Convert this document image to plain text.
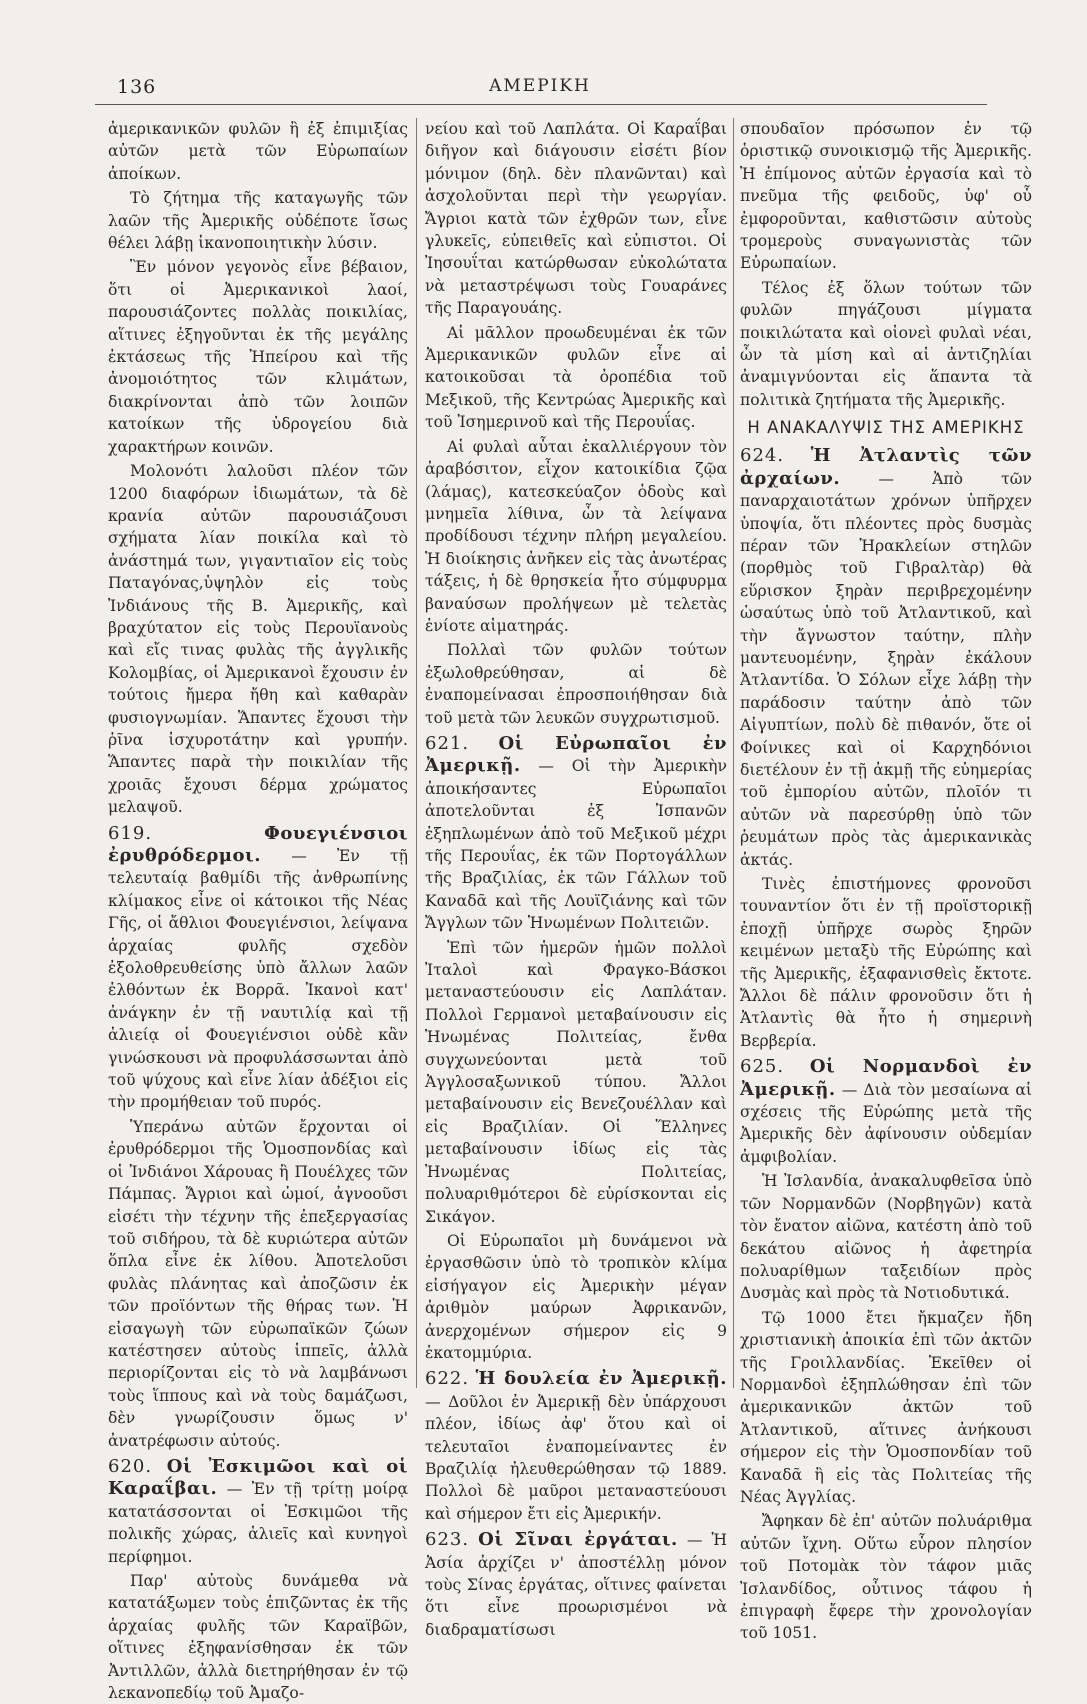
136	ΑΜΕΡΙΚΗ

ἀμερικανικῶν φυλῶν ἢ ἐξ ἐπιμιξίας αὐτῶν μετὰ τῶν Εὐρωπαίων ἀποίκων.

Τὸ ζήτημα τῆς καταγωγῆς τῶν λαῶν τῆς Ἀμερικῆς οὐδέποτε ἴσως θέλει λάβῃ ἱκανοποιητικὴν λύσιν.

Ἓν μόνον γεγονὸς εἶνε βέβαιον, ὅτι οἱ Ἀμερικανικοὶ λαοί, παρουσιάζοντες πολλὰς ποικιλίας, αἵτινες ἐξηγοῦνται ἐκ τῆς μεγάλης ἐκτάσεως τῆς Ἠπείρου καὶ τῆς ἀνομοιότητος τῶν κλιμάτων, διακρίνονται ἀπὸ τῶν λοιπῶν κατοίκων τῆς ὑδρογείου διὰ χαρακτήρων κοινῶν.

Μολονότι λαλοῦσι πλέον τῶν 1200 διαφόρων ἰδιωμάτων, τὰ δὲ κρανία αὐτῶν παρουσιάζουσι σχήματα λίαν ποικίλα καὶ τὸ ἀνάστημά των, γιγαντιαῖον εἰς τοὺς Παταγόνας,ὑψηλὸν εἰς τοὺς Ἰνδιάνους τῆς Β. Ἀμερικῆς, καὶ βραχύτατον εἰς τοὺς Περουϊανοὺς καὶ εἴς τινας φυλὰς τῆς ἀγγλικῆς Κολομβίας, οἱ Ἀμερικανοὶ ἔχουσιν ἐν τούτοις ἤμερα ἤθη καὶ καθαρὰν φυσιογνωμίαν. Ἅπαντες ἔχουσι τὴν ῥῖνα ἰσχυροτάτην καὶ γρυπήν. Ἅπαντες παρὰ τὴν ποικιλίαν τῆς χροιᾶς ἔχουσι δέρμα χρώματος μελαψοῦ.

619.	Φουεγιένσιοι ἐρυθρόδερμοι. — Ἐν τῇ τελευταίᾳ βαθμίδι τῆς ἀνθρωπίνης κλίμακος εἶνε οἱ κάτοικοι τῆς Νέας Γῆς, οἱ ἄθλιοι Φουεγιένσιοι, λείψανα ἀρχαίας φυλῆς σχεδὸν ἐξολοθρευθείσης ὑπὸ ἄλλων λαῶν ἐλθόντων ἐκ Βορρᾶ. Ἱκανοὶ κατ' ἀνάγκην ἐν τῇ ναυτιλίᾳ καὶ τῇ ἁλιείᾳ οἱ Φουεγιένσιοι οὐδὲ κἂν γινώσκουσι νὰ προφυλάσσωνται ἀπὸ τοῦ ψύχους καὶ εἶνε λίαν ἀδέξιοι εἰς τὴν προμήθειαν τοῦ πυρός.

Ὑπεράνω αὐτῶν ἔρχονται οἱ ἐρυθρόδερμοι τῆς Ὁμοσπονδίας καὶ οἱ Ἰνδιάνοι Χάρουας ἢ Πουέλχες τῶν Πάμπας. Ἄγριοι καὶ ὠμοί, ἀγνοοῦσι εἰσέτι τὴν τέχνην τῆς ἐπεξεργασίας τοῦ σιδήρου, τὰ δὲ κυριώτερα αὐτῶν ὅπλα εἶνε ἐκ λίθου. Ἀποτελοῦσι φυλὰς πλάνητας καὶ ἀποζῶσιν ἐκ τῶν προϊόντων τῆς θήρας των. Ἡ εἰσαγωγὴ τῶν εὐρωπαϊκῶν ζώων κατέστησεν αὐτοὺς ἱππεῖς, ἀλλὰ περιορίζονται εἰς τὸ νὰ λαμβάνωσι τοὺς ἵππους καὶ νὰ τοὺς δαμάζωσι, δὲν γνωρίζουσιν ὅμως ν' ἀνατρέφωσιν αὐτούς.

620. Οἱ Ἐσκιμῶοι καὶ οἱ Καραΐβαι. — Ἐν τῇ τρίτῃ μοίρᾳ κατατάσσονται οἱ Ἐσκιμῶοι τῆς πολικῆς χώρας, ἁλιεῖς καὶ κυνηγοὶ περίφημοι.

Παρ' αὐτοὺς δυνάμεθα νὰ κατατάξωμεν τοὺς ἐπιζῶντας ἐκ τῆς ἀρχαίας φυλῆς τῶν Καραϊβῶν, οἵτινες ἐξηφανίσθησαν ἐκ τῶν Ἀντιλλῶν, ἀλλὰ διετηρήθησαν ἐν τῷ λεκανοπεδίῳ τοῦ Ἀμαζο-

νείου καὶ τοῦ Λαπλάτα. Οἱ Καραΐβαι διῆγον καὶ διάγουσιν εἰσέτι βίον μόνιμον (δηλ. δὲν πλανῶνται) καὶ ἀσχολοῦνται περὶ τὴν γεωργίαν. Ἄγριοι κατὰ τῶν ἐχθρῶν των, εἶνε γλυκεῖς, εὐπειθεῖς καὶ εὐπιστοι. Οἱ Ἰησουΐται κατώρθωσαν εὐκολώτατα νὰ μεταστρέψωσι τοὺς Γουαράνες τῆς Παραγουάης.

Αἱ μᾶλλον προωδευμέναι ἐκ τῶν Ἀμερικανικῶν φυλῶν εἶνε αἱ κατοικοῦσαι τὰ ὀροπέδια τοῦ Μεξικοῦ, τῆς Κεντρώας Ἀμερικῆς καὶ τοῦ Ἰσημερινοῦ καὶ τῆς Περουΐας.

Αἱ φυλαὶ αὗται ἐκαλλιέργουν τὸν ἀραβόσιτον, εἶχον κατοικίδια ζῷα (λάμας), κατεσκεύαζον ὁδοὺς καὶ μνημεῖα λίθινα, ὧν τὰ λείψανα προδίδουσι τέχνην πλήρη μεγαλείου. Ἡ διοίκησις ἀνῆκεν εἰς τὰς ἀνωτέρας τάξεις, ἡ δὲ θρησκεία ἦτο σύμφυρμα βαναύσων προλήψεων μὲ τελετὰς ἐνίοτε αἱματηράς.

Πολλαὶ τῶν φυλῶν τούτων ἐξωλοθρεύθησαν, αἱ δὲ ἐναπομείνασαι ἐπροσποιήθησαν διὰ τοῦ μετὰ τῶν λευκῶν συγχρωτισμοῦ.

621. Οἱ Εὐρωπαῖοι ἐν Ἀμερικῇ. — Οἱ τὴν Ἀμερικὴν ἀποικήσαντες Εὐρωπαῖοι ἀποτελοῦνται ἐξ Ἰσπανῶν ἐξηπλωμένων ἀπὸ τοῦ Μεξικοῦ μέχρι τῆς Περουΐας, ἐκ τῶν Πορτογάλλων τῆς Βραζιλίας, ἐκ τῶν Γάλλων τοῦ Καναδᾶ καὶ τῆς Λουϊζιάνης καὶ τῶν Ἄγγλων τῶν Ἡνωμένων Πολιτειῶν.

Ἐπὶ τῶν ἡμερῶν ἡμῶν πολλοὶ Ἰταλοὶ καὶ Φραγκο-Βάσκοι μεταναστεύουσιν εἰς Λαπλάταν. Πολλοὶ Γερμανοὶ μεταβαίνουσιν εἰς Ἡνωμένας Πολιτείας, ἔνθα συγχωνεύονται μετὰ τοῦ Ἀγγλοσαξωνικοῦ τύπου. Ἄλλοι μεταβαίνουσιν εἰς Βενεζουέλλαν καὶ εἰς Βραζιλίαν. Οἱ Ἕλληνες μεταβαίνουσιν ἰδίως εἰς τὰς Ἡνωμένας Πολιτείας, πολυαριθμότεροι δὲ εὑρίσκονται εἰς Σικάγον.

Οἱ Εὐρωπαῖοι μὴ δυνάμενοι νὰ ἐργασθῶσιν ὑπὸ τὸ τροπικὸν κλίμα εἰσήγαγον εἰς Ἀμερικὴν μέγαν ἀριθμὸν μαύρων Ἀφρικανῶν, ἀνερχομένων σήμερον εἰς 9 ἑκατομμύρια.

622. Ἡ δουλεία ἐν Ἀμερικῇ. — Δοῦλοι ἐν Ἀμερικῇ δὲν ὑπάρχουσι πλέον, ἰδίως ἀφ' ὅτου καὶ οἱ τελευταῖοι ἐναπομείναντες ἐν Βραζιλίᾳ ἠλευθερώθησαν τῷ 1889. Πολλοὶ δὲ μαῦροι μεταναστεύουσι καὶ σήμερον ἔτι εἰς Ἀμερικήν.

623. Οἱ Σῖναι ἐργάται. — Ἡ Ἀσία ἀρχίζει ν' ἀποστέλλῃ μόνον τοὺς Σίνας ἐργάτας, οἵτινες φαίνεται ὅτι εἶνε προωρισμένοι νὰ διαδραματίσωσι

σπουδαῖον πρόσωπον ἐν τῷ ὁριστικῷ συνοικισμῷ τῆς Ἀμερικῆς. Ἡ ἐπίμονος αὐτῶν ἐργασία καὶ τὸ πνεῦμα τῆς φειδοῦς, ὑφ' οὗ ἐμφοροῦνται, καθιστῶσιν αὐτοὺς τρομεροὺς συναγωνιστὰς τῶν Εὐρωπαίων.

Τέλος ἐξ ὅλων τούτων τῶν φυλῶν πηγάζουσι μίγματα ποικιλώτατα καὶ οἱονεὶ φυλαὶ νέαι, ὧν τὰ μίση καὶ αἱ ἀντιζηλίαι ἀναμιγνύονται εἰς ἅπαντα τὰ πολιτικὰ ζητήματα τῆς Ἀμερικῆς.

Η ΑΝΑΚΑΛΥΨΙΣ ΤΗΣ ΑΜΕΡΙΚΗΣ

624. Ἡ Ἀτλαντὶς τῶν ἀρχαίων. — Ἀπὸ τῶν παναρχαιοτάτων χρόνων ὑπῆρχεν ὑποψία, ὅτι πλέοντες πρὸς δυσμὰς πέραν τῶν Ἡρακλείων στηλῶν (πορθμὸς τοῦ Γιβραλτὰρ) θὰ εὕρισκον ξηρὰν περιβρεχομένην ὡσαύτως ὑπὸ τοῦ Ἀτλαντικοῦ, καὶ τὴν ἄγνωστον ταύτην, πλὴν μαντευομένην, ξηρὰν ἐκάλουν Ἀτλαντίδα. Ὁ Σόλων εἶχε λάβῃ τὴν παράδοσιν ταύτην ἀπὸ τῶν Αἰγυπτίων, πολὺ δὲ πιθανόν, ὅτε οἱ Φοίνικες καὶ οἱ Καρχηδόνιοι διετέλουν ἐν τῇ ἀκμῇ τῆς εὐημερίας τοῦ ἐμπορίου αὐτῶν, πλοῖόν τι αὐτῶν νὰ παρεσύρθῃ ὑπὸ τῶν ῥευμάτων πρὸς τὰς ἀμερικανικὰς ἀκτάς.

Τινὲς ἐπιστήμονες φρονοῦσι τουναντίον ὅτι ἐν τῇ προϊστορικῇ ἐποχῇ ὑπῆρχε σωρὸς ξηρῶν κειμένων μεταξὺ τῆς Εὐρώπης καὶ τῆς Ἀμερικῆς, ἐξαφανισθεὶς ἔκτοτε. Ἄλλοι δὲ πάλιν φρονοῦσιν ὅτι ἡ Ἀτλαντὶς θὰ ἦτο ἡ σημερινὴ Βερβερία.

625. Οἱ Νορμανδοὶ ἐν Ἀμερικῇ. — Διὰ τὸν μεσαίωνα αἱ σχέσεις τῆς Εὐρώπης μετὰ τῆς Ἀμερικῆς δὲν ἀφίνουσιν οὐδεμίαν ἀμφιβολίαν.

Ἡ Ἰσλανδία, ἀνακαλυφθεῖσα ὑπὸ τῶν Νορμανδῶν (Νορβηγῶν) κατὰ τὸν ἔνατον αἰῶνα, κατέστη ἀπὸ τοῦ δεκάτου αἰῶνος ἡ ἀφετηρία πολυαρίθμων ταξειδίων πρὸς Δυσμὰς καὶ πρὸς τὰ Νοτιοδυτικά.

Τῷ 1000 ἔτει ἤκμαζεν ἤδη χριστιανικὴ ἀποικία ἐπὶ τῶν ἀκτῶν τῆς Γροιλλανδίας. Ἐκεῖθεν οἱ Νορμανδοὶ ἐξηπλώθησαν ἐπὶ τῶν ἀμερικανικῶν ἀκτῶν τοῦ Ἀτλαντικοῦ, αἵτινες ἀνήκουσι σήμερον εἰς τὴν Ὁμοσπονδίαν τοῦ Καναδᾶ ἢ εἰς τὰς Πολιτείας τῆς Νέας Ἀγγλίας.

Ἄφηκαν δὲ ἐπ' αὐτῶν πολυάριθμα αὐτῶν ἴχνη. Οὕτω εὗρον πλησίον τοῦ Ποτομὰκ τὸν τάφον μιᾶς Ἰσλανδίδος, οὗτινος τάφου ἡ ἐπιγραφὴ ἔφερε τὴν χρονολογίαν τοῦ 1051.
